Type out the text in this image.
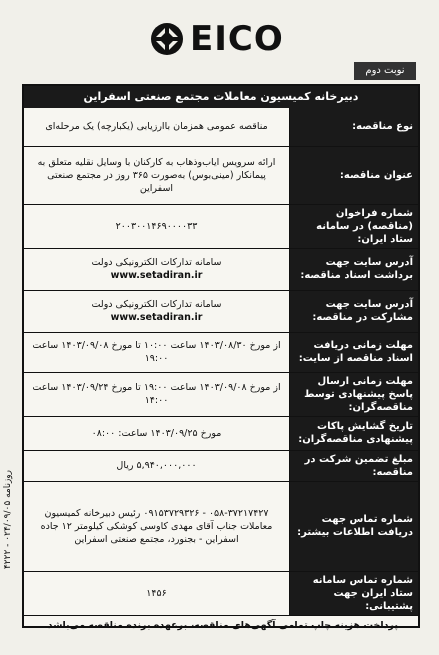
EICO
نوبت دوم
روزنامه ۰۲۴/۰۹/۰۵ - ۴۲۲۲
دبیرخانه کمیسیون معاملات مجتمع صنعتی اسفراین
نوع مناقصه:	مناقصه عمومی همزمان باارزیابی (یکبارچه) یک مرحله‌ای

عنوان مناقصه:	ارائه سرویس ایاب‌وذهاب به کارکنان با وسایل نقلیه متعلق به پیمانکار (مینی‌بوس) به‌صورت ۳۶۵ روز در مجتمع صنعتی اسفراین

شماره فراخوان (مناقصه) در سامانه ستاد ایران:	۲۰۰۳۰۰۱۴۶۹۰۰۰۰۳۳

آدرس سایت جهت برداشت اسناد مناقصه:	سامانه تدارکات الکترونیکی دولت
www.setadiran.ir

آدرس سایت جهت مشارکت در مناقصه:	سامانه تدارکات الکترونیکی دولت
www.setadiran.ir

مهلت زمانی دریافت اسناد مناقصه از سایت:	از مورخ ۱۴۰۳/۰۸/۳۰ ساعت ۱۰:۰۰ تا مورخ ۱۴۰۳/۰۹/۰۸ ساعت ۱۹:۰۰

مهلت زمانی ارسال پاسخ پیشنهادی توسط مناقصه‌گران:	از مورخ ۱۴۰۳/۰۹/۰۸ ساعت ۱۹:۰۰ تا مورخ ۱۴۰۳/۰۹/۲۴ ساعت ۱۴:۰۰

تاریخ گشایش پاکات پیشنهادی مناقصه‌گران:	مورخ ۱۴۰۳/۰۹/۲۵ ساعت: ۰۸:۰۰

مبلغ تضمین شرکت در مناقصه:	۵,۹۴۰,۰۰۰,۰۰۰ ریال

شماره تماس جهت دریافت اطلاعات بیشتر:	۰۵۸-۳۷۲۱۷۴۲۷ - ۰۹۱۵۳۷۲۹۳۲۶ رئیس دبیرخانه کمیسیون معاملات جناب آقای مهدی کاوسی کوشکی کیلومتر ۱۲ جاده اسفراین - بجنورد، مجتمع صنعتی اسفراین

شماره تماس سامانه ستاد ایران جهت پشتیبانی:	۱۴۵۶
پرداخت هزینه چاپ تمامی آگهی‌های مناقصه، برعهده برنده مناقصه می‌باشد.
